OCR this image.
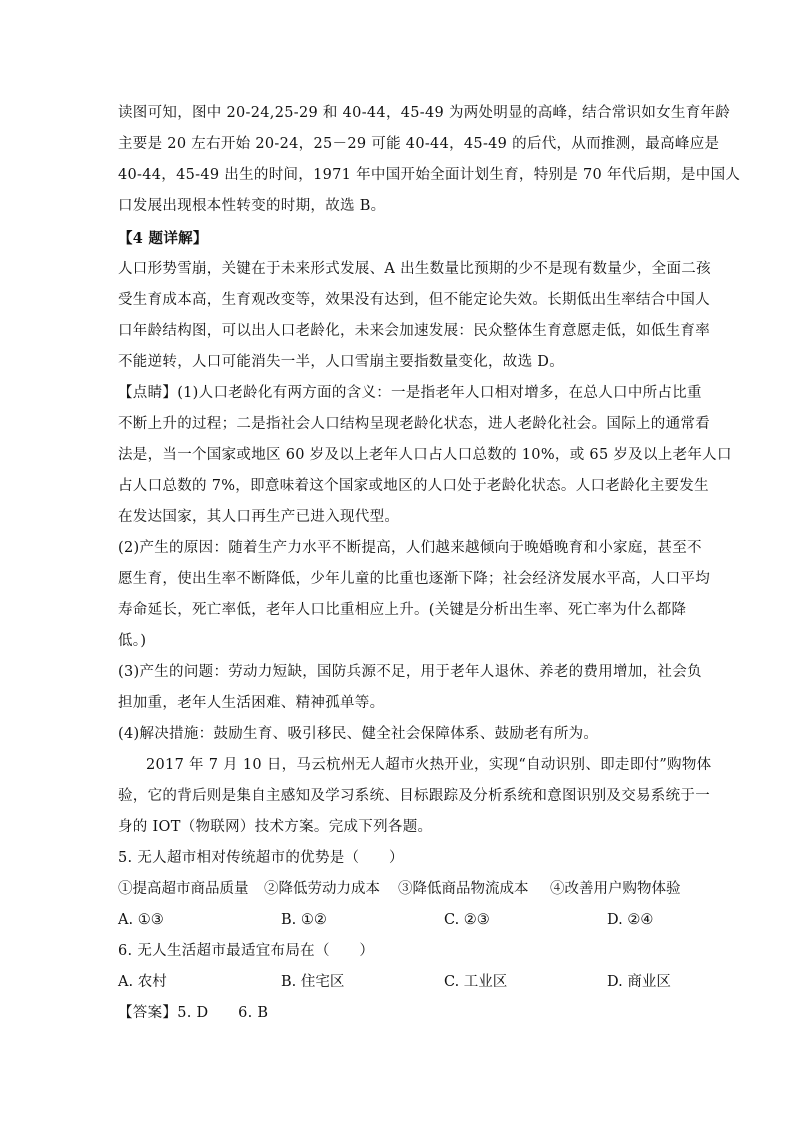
读图可知，图中 20-24,25-29 和 40-44，45-49 为两处明显的高峰，结合常识如女生育年龄
主要是 20 左右开始 20-24，25－29 可能 40-44，45-49 的后代，从而推测，最高峰应是
40-44，45-49 出生的时间，1971 年中国开始全面计划生育，特别是 70 年代后期，是中国人
口发展出现根本性转变的时期，故选 B。
【4 题详解】
人口形势雪崩，关键在于未来形式发展、A 出生数量比预期的少不是现有数量少，全面二孩
受生育成本高，生育观改变等，效果没有达到，但不能定论失效。长期低出生率结合中国人
口年龄结构图，可以出人口老龄化，未来会加速发展：民众整体生育意愿走低，如低生育率
不能逆转，人口可能消失一半，人口雪崩主要指数量变化，故选 D。
【点睛】(1)人口老龄化有两方面的含义：一是指老年人口相对增多，在总人口中所占比重
不断上升的过程；二是指社会人口结构呈现老龄化状态，进人老龄化社会。国际上的通常看
法是，当一个国家或地区 60 岁及以上老年人口占人口总数的 10%，或 65 岁及以上老年人口
占人口总数的 7%，即意味着这个国家或地区的人口处于老龄化状态。人口老龄化主要发生
在发达国家，其人口再生产已进入现代型。
(2)产生的原因：随着生产力水平不断提高，人们越来越倾向于晚婚晚育和小家庭，甚至不
愿生育，使出生率不断降低，少年儿童的比重也逐渐下降；社会经济发展水平高，人口平均
寿命延长，死亡率低，老年人口比重相应上升。(关键是分析出生率、死亡率为什么都降
低。)
(3)产生的问题：劳动力短缺，国防兵源不足，用于老年人退休、养老的费用增加，社会负
担加重，老年人生活困难、精神孤单等。
(4)解决措施：鼓励生育、吸引移民、健全社会保障体系、鼓励老有所为。
2017 年 7 月 10 日，马云杭州无人超市火热开业，实现“自动识别、即走即付”购物体
验，它的背后则是集自主感知及学习系统、目标跟踪及分析系统和意图识别及交易系统于一
身的 IOT（物联网）技术方案。完成下列各题。
5. 无人超市相对传统超市的优势是（　　）
①提高超市商品质量 ②降低劳动力成本 ③降低商品物流成本 ④改善用户购物体验
A. ①③	B. ①②	C. ②③	D. ②④
6. 无人生活超市最适宜布局在（　　）
A. 农村	B. 住宅区	C. 工业区	D. 商业区
【答案】5. D　　6. B
